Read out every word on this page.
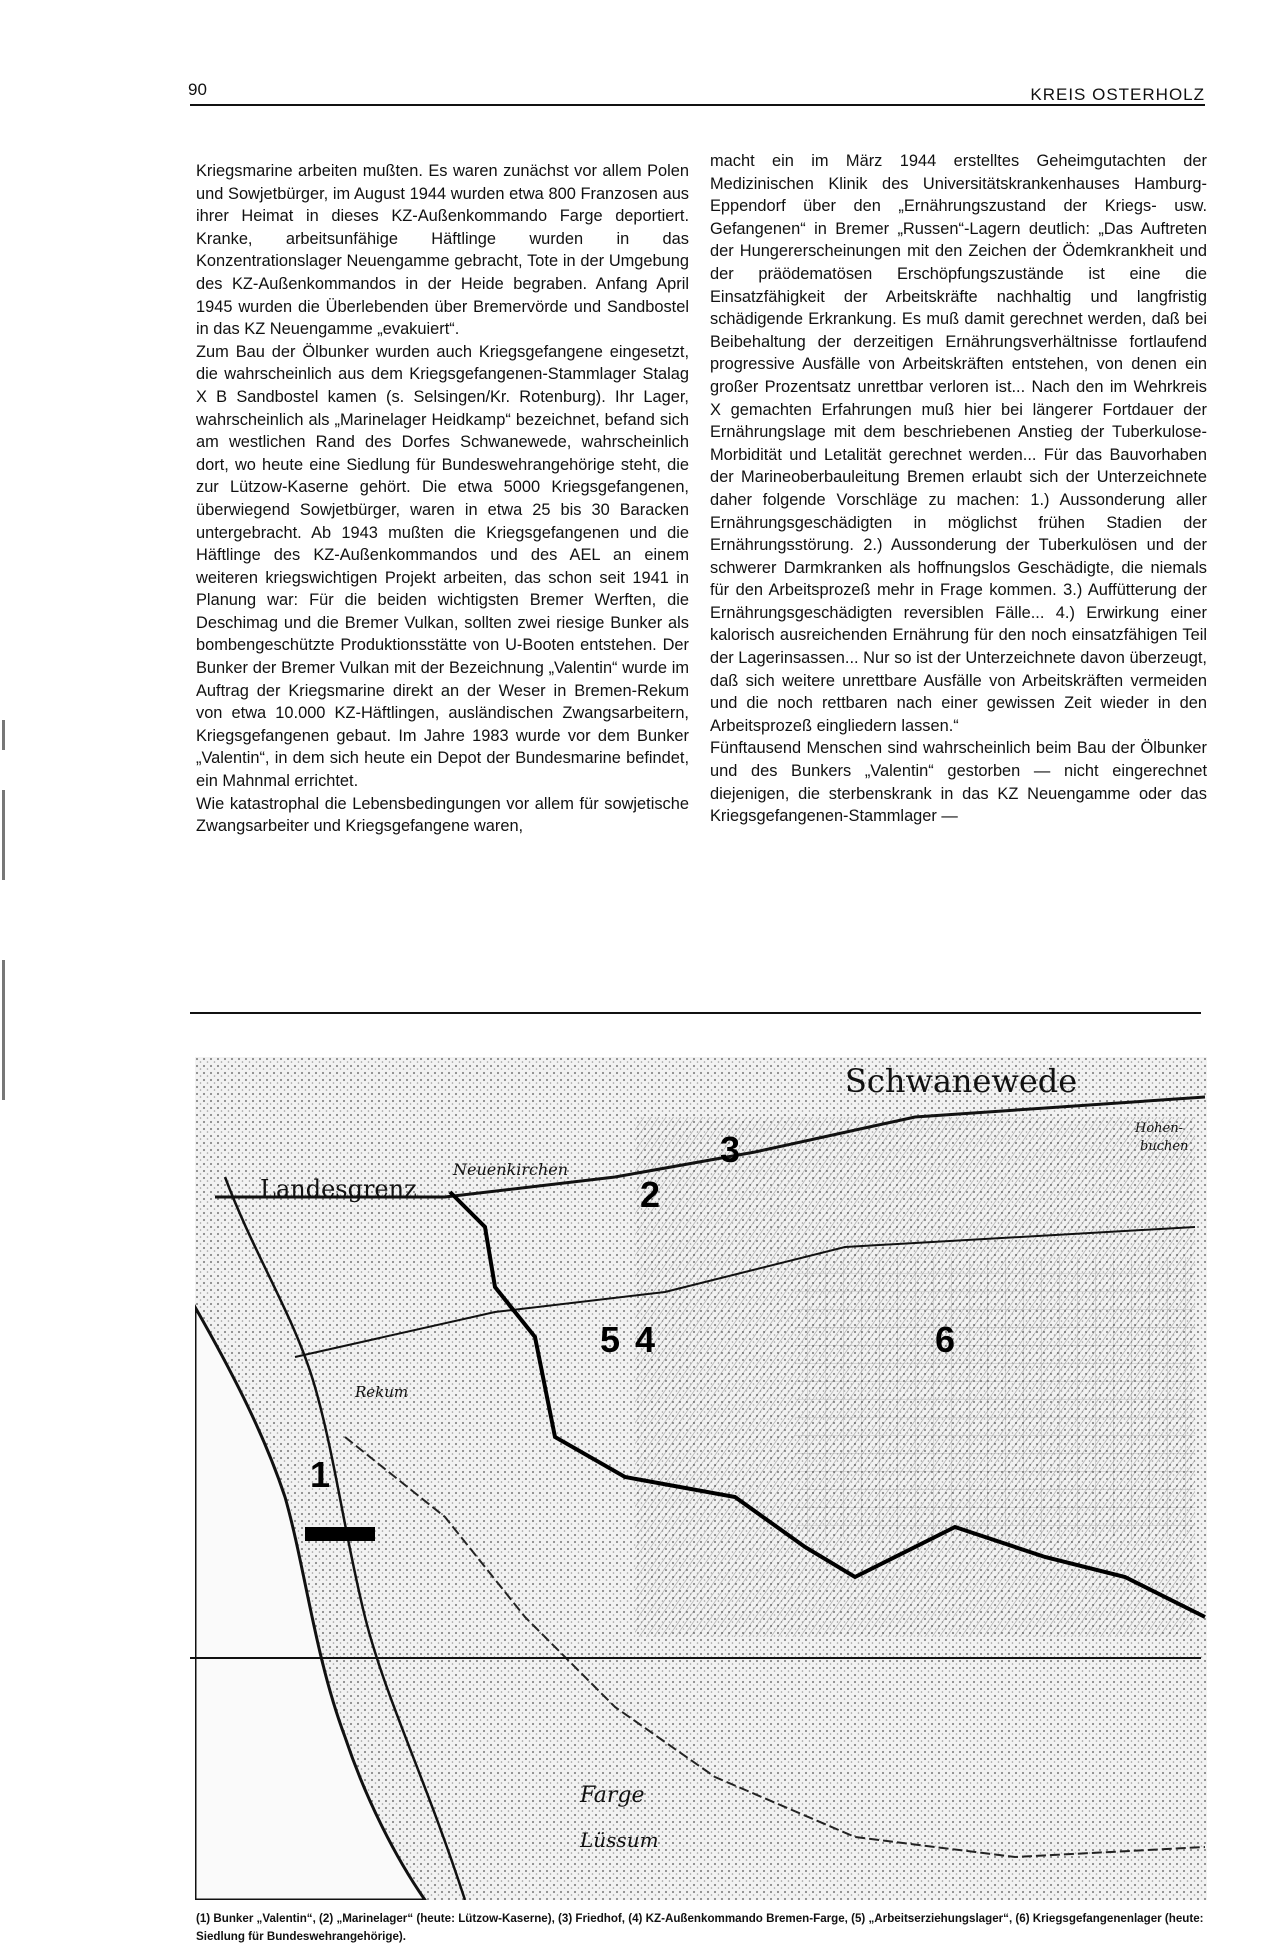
90	KREIS OSTERHOLZ

Kriegsmarine arbeiten mußten. Es waren zunächst vor allem Polen und Sowjetbürger, im August 1944 wurden etwa 800 Franzosen aus ihrer Heimat in dieses KZ-Außenkommando Farge deportiert. Kranke, arbeitsunfähige Häftlinge wurden in das Konzentrationslager Neuengamme gebracht, Tote in der Umgebung des KZ-Außenkommandos in der Heide begraben. Anfang April 1945 wurden die Überlebenden über Bremervörde und Sandbostel in das KZ Neuengamme „evakuiert“.

Zum Bau der Ölbunker wurden auch Kriegsgefangene eingesetzt, die wahrscheinlich aus dem Kriegsgefangenen-Stammlager Stalag X B Sandbostel kamen (s. Selsingen/Kr. Rotenburg). Ihr Lager, wahrscheinlich als „Marinelager Heidkamp“ bezeichnet, befand sich am westlichen Rand des Dorfes Schwanewede, wahrscheinlich dort, wo heute eine Siedlung für Bundeswehrangehörige steht, die zur Lützow-Kaserne gehört. Die etwa 5000 Kriegsgefangenen, überwiegend Sowjetbürger, waren in etwa 25 bis 30 Baracken untergebracht. Ab 1943 mußten die Kriegsgefangenen und die Häftlinge des KZ-Außenkommandos und des AEL an einem weiteren kriegswichtigen Projekt arbeiten, das schon seit 1941 in Planung war: Für die beiden wichtigsten Bremer Werften, die Deschimag und die Bremer Vulkan, sollten zwei riesige Bunker als bombengeschützte Produktionsstätte von U-Booten entstehen. Der Bunker der Bremer Vulkan mit der Bezeichnung „Valentin“ wurde im Auftrag der Kriegsmarine direkt an der Weser in Bremen-Rekum von etwa 10.000 KZ-Häftlingen, ausländischen Zwangsarbeitern, Kriegsgefangenen gebaut. Im Jahre 1983 wurde vor dem Bunker „Valentin“, in dem sich heute ein Depot der Bundesmarine befindet, ein Mahnmal errichtet.

Wie katastrophal die Lebensbedingungen vor allem für sowjetische Zwangsarbeiter und Kriegsgefangene waren,

macht ein im März 1944 erstelltes Geheimgutachten der Medizinischen Klinik des Universitätskrankenhauses Hamburg-Eppendorf über den „Ernährungszustand der Kriegs- usw. Gefangenen“ in Bremer „Russen“-Lagern deutlich: „Das Auftreten der Hungererscheinungen mit den Zeichen der Ödemkrankheit und der präödematösen Erschöpfungszustände ist eine die Einsatzfähigkeit der Arbeitskräfte nachhaltig und langfristig schädigende Erkrankung. Es muß damit gerechnet werden, daß bei Beibehaltung der derzeitigen Ernährungsverhältnisse fortlaufend progressive Ausfälle von Arbeitskräften entstehen, von denen ein großer Prozentsatz unrettbar verloren ist... Nach den im Wehrkreis X gemachten Erfahrungen muß hier bei längerer Fortdauer der Ernährungslage mit dem beschriebenen Anstieg der Tuberkulose-Morbidität und Letalität gerechnet werden... Für das Bauvorhaben der Marineoberbauleitung Bremen erlaubt sich der Unterzeichnete daher folgende Vorschläge zu machen: 1.) Aussonderung aller Ernährungsgeschädigten in möglichst frühen Stadien der Ernährungsstörung. 2.) Aussonderung der Tuberkulösen und der schwerer Darmkranken als hoffnungslos Geschädigte, die niemals für den Arbeitsprozeß mehr in Frage kommen. 3.) Auffütterung der Ernährungsgeschädigten reversiblen Fälle... 4.) Erwirkung einer kalorisch ausreichenden Ernährung für den noch einsatzfähigen Teil der Lagerinsassen... Nur so ist der Unterzeichnete davon überzeugt, daß sich weitere unrettbare Ausfälle von Arbeitskräften vermeiden und die noch rettbaren nach einer gewissen Zeit wieder in den Arbeitsprozeß eingliedern lassen.“

Fünftausend Menschen sind wahrscheinlich beim Bau der Ölbunker und des Bunkers „Valentin“ gestorben — nicht eingerechnet diejenigen, die sterbenskrank in das KZ Neuengamme oder das Kriegsgefangenen-Stammlager —

Schwanewede
Landesgrenz
Neuenkirchen
Rekum
Farge
Lüssum
Hohen-
buchen
1
2
3
4
5	6
(1) Bunker „Valentin“, (2) „Marinelager“ (heute: Lützow-Kaserne), (3) Friedhof, (4) KZ-Außenkommando Bremen-Farge, (5) „Arbeitserziehungslager“, (6) Kriegsgefangenenlager (heute: Siedlung für Bundeswehrangehörige).
